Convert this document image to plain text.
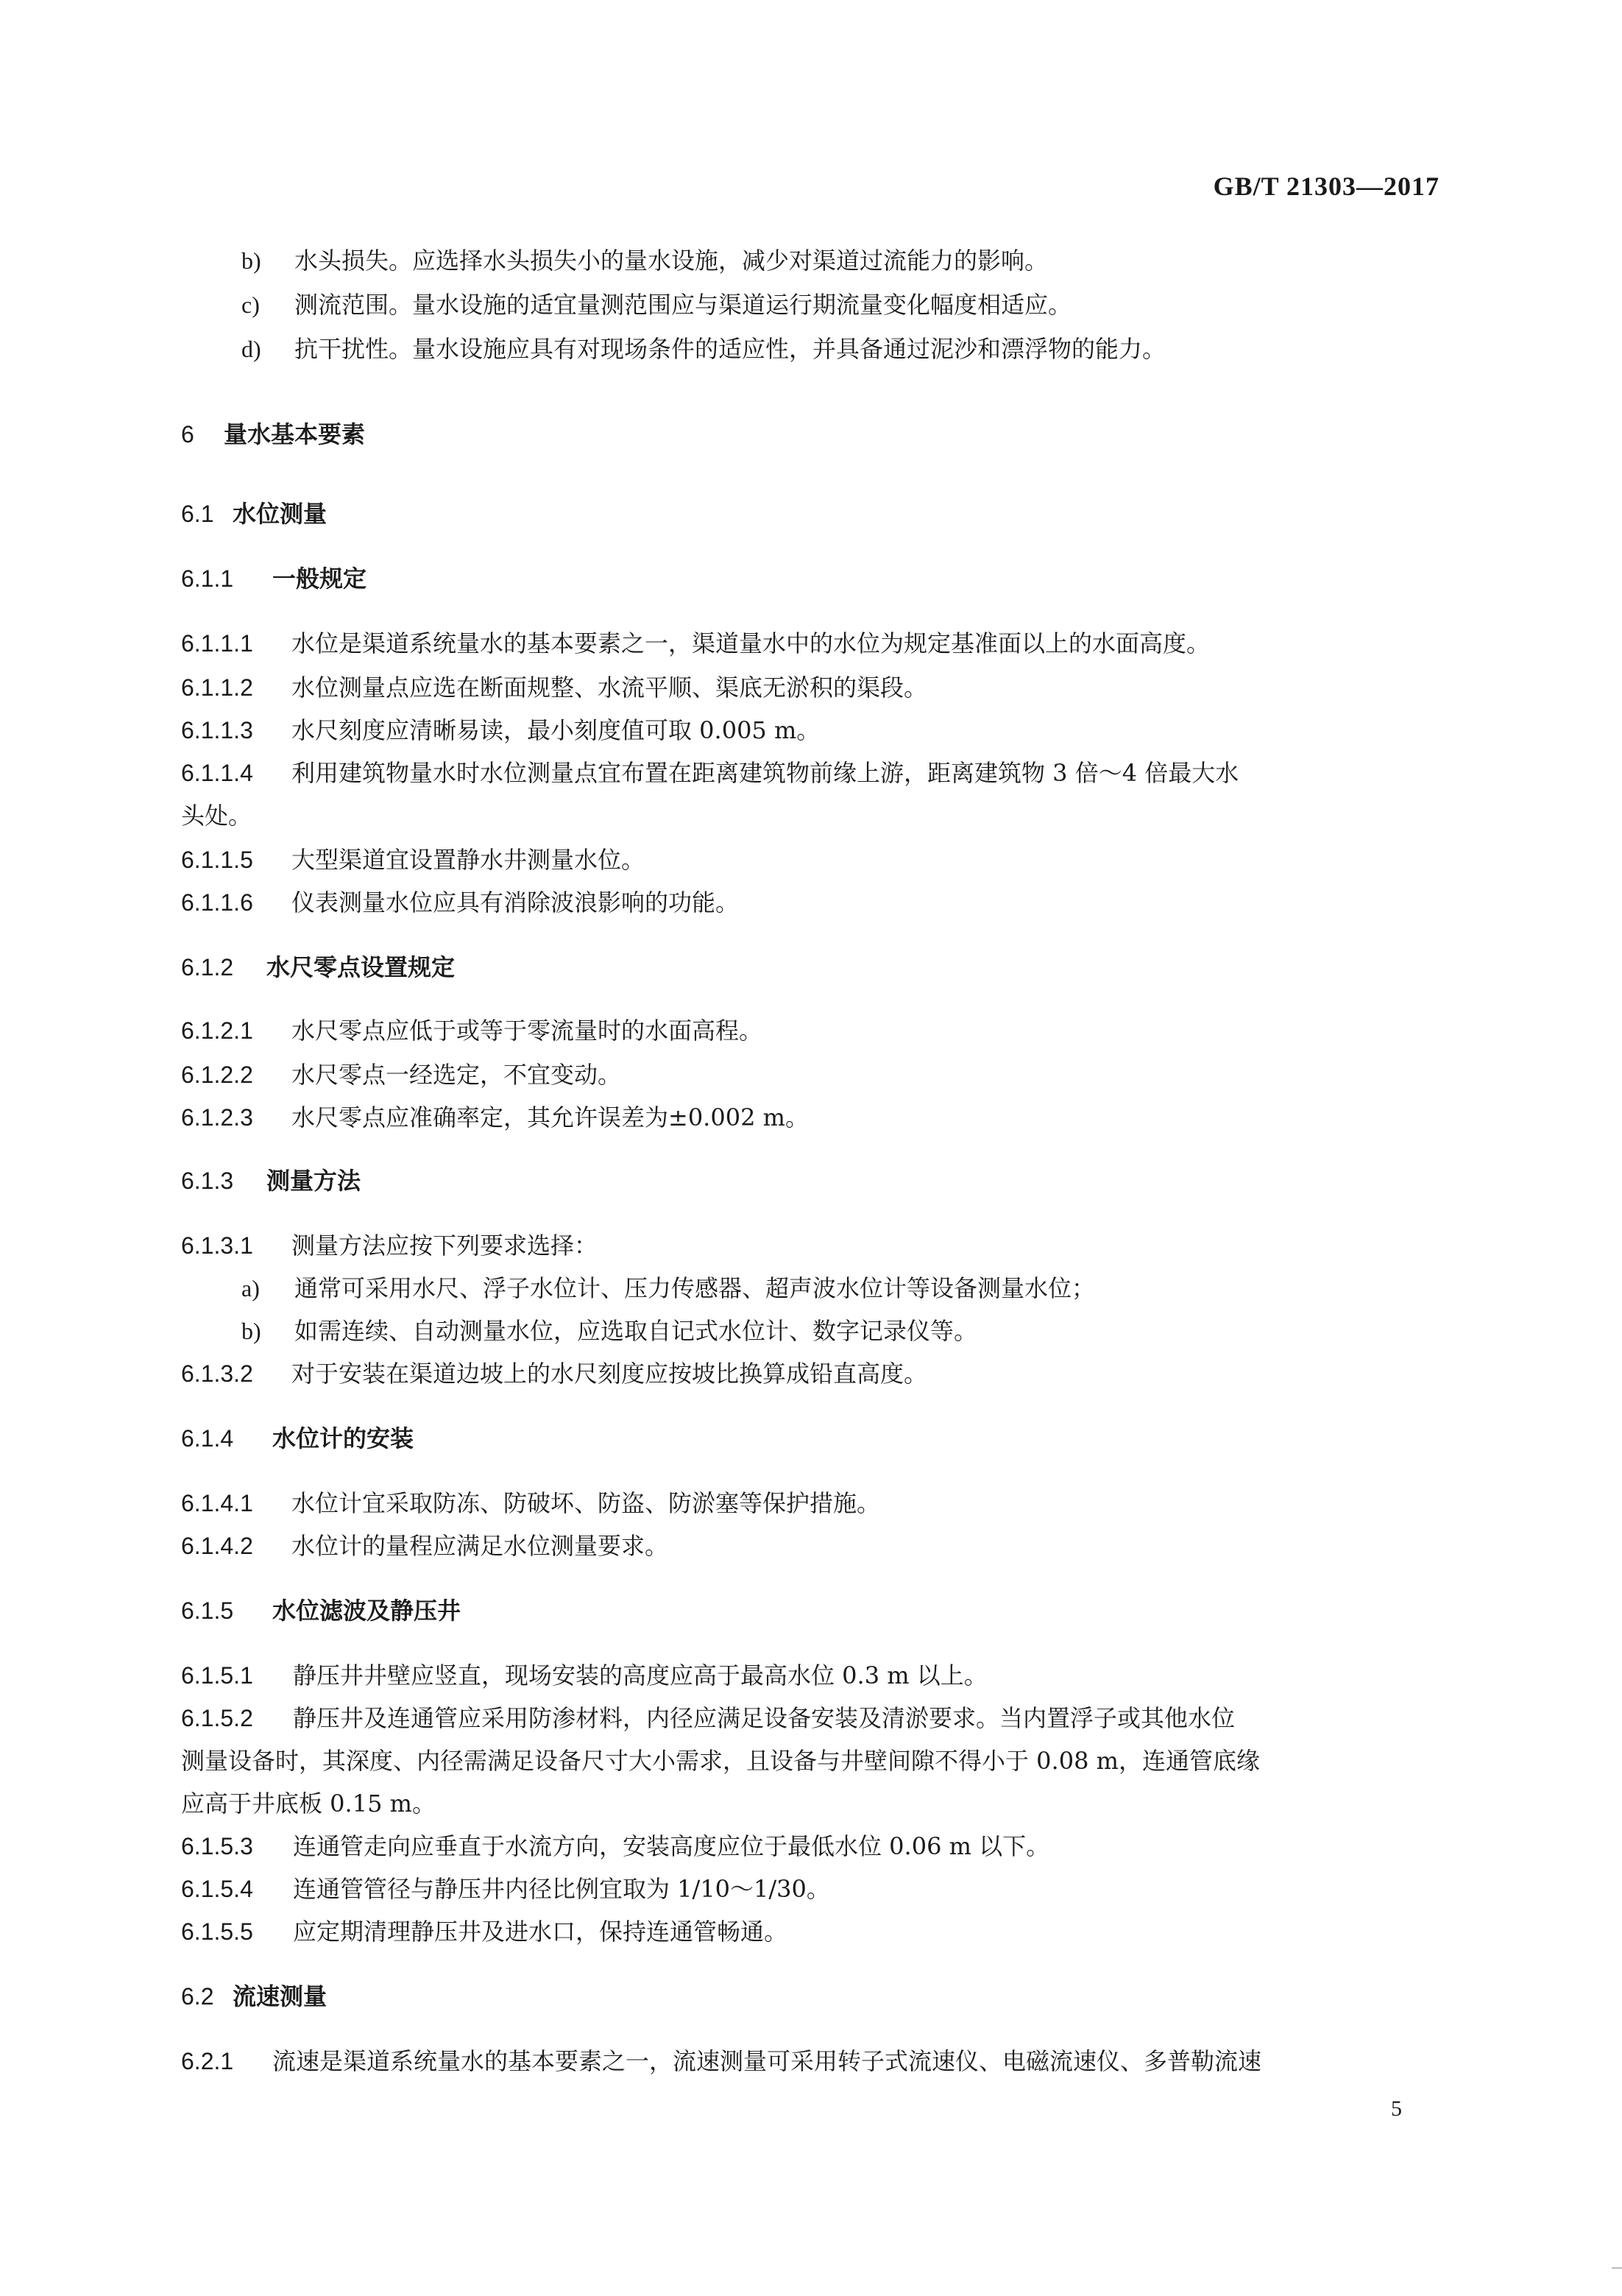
GB/T 21303—2017
b) 水头损失。应选择水头损失小的量水设施，减少对渠道过流能力的影响。
c) 测流范围。量水设施的适宜量测范围应与渠道运行期流量变化幅度相适应。
d) 抗干扰性。量水设施应具有对现场条件的适应性，并具备通过泥沙和漂浮物的能力。
6 量水基本要素
6.1 水位测量
6.1.1 一般规定
6.1.1.1 水位是渠道系统量水的基本要素之一，渠道量水中的水位为规定基准面以上的水面高度。
6.1.1.2 水位测量点应选在断面规整、水流平顺、渠底无淤积的渠段。
6.1.1.3 水尺刻度应清晰易读，最小刻度值可取 0.005 m。
6.1.1.4 利用建筑物量水时水位测量点宜布置在距离建筑物前缘上游，距离建筑物 3 倍～4 倍最大水
头处。
6.1.1.5 大型渠道宜设置静水井测量水位。
6.1.1.6 仪表测量水位应具有消除波浪影响的功能。
6.1.2 水尺零点设置规定
6.1.2.1 水尺零点应低于或等于零流量时的水面高程。
6.1.2.2 水尺零点一经选定，不宜变动。
6.1.2.3 水尺零点应准确率定，其允许误差为±0.002 m。
6.1.3 测量方法
6.1.3.1 测量方法应按下列要求选择：
a) 通常可采用水尺、浮子水位计、压力传感器、超声波水位计等设备测量水位；
b) 如需连续、自动测量水位，应选取自记式水位计、数字记录仪等。
6.1.3.2 对于安装在渠道边坡上的水尺刻度应按坡比换算成铅直高度。
6.1.4 水位计的安装
6.1.4.1 水位计宜采取防冻、防破坏、防盗、防淤塞等保护措施。
6.1.4.2 水位计的量程应满足水位测量要求。
6.1.5 水位滤波及静压井
6.1.5.1 静压井井壁应竖直，现场安装的高度应高于最高水位 0.3 m 以上。
6.1.5.2 静压井及连通管应采用防渗材料，内径应满足设备安装及清淤要求。当内置浮子或其他水位
测量设备时，其深度、内径需满足设备尺寸大小需求，且设备与井壁间隙不得小于 0.08 m，连通管底缘
应高于井底板 0.15 m。
6.1.5.3 连通管走向应垂直于水流方向，安装高度应位于最低水位 0.06 m 以下。
6.1.5.4 连通管管径与静压井内径比例宜取为 1/10～1/30。
6.1.5.5 应定期清理静压井及进水口，保持连通管畅通。
6.2 流速测量
6.2.1 流速是渠道系统量水的基本要素之一，流速测量可采用转子式流速仪、电磁流速仪、多普勒流速
5
